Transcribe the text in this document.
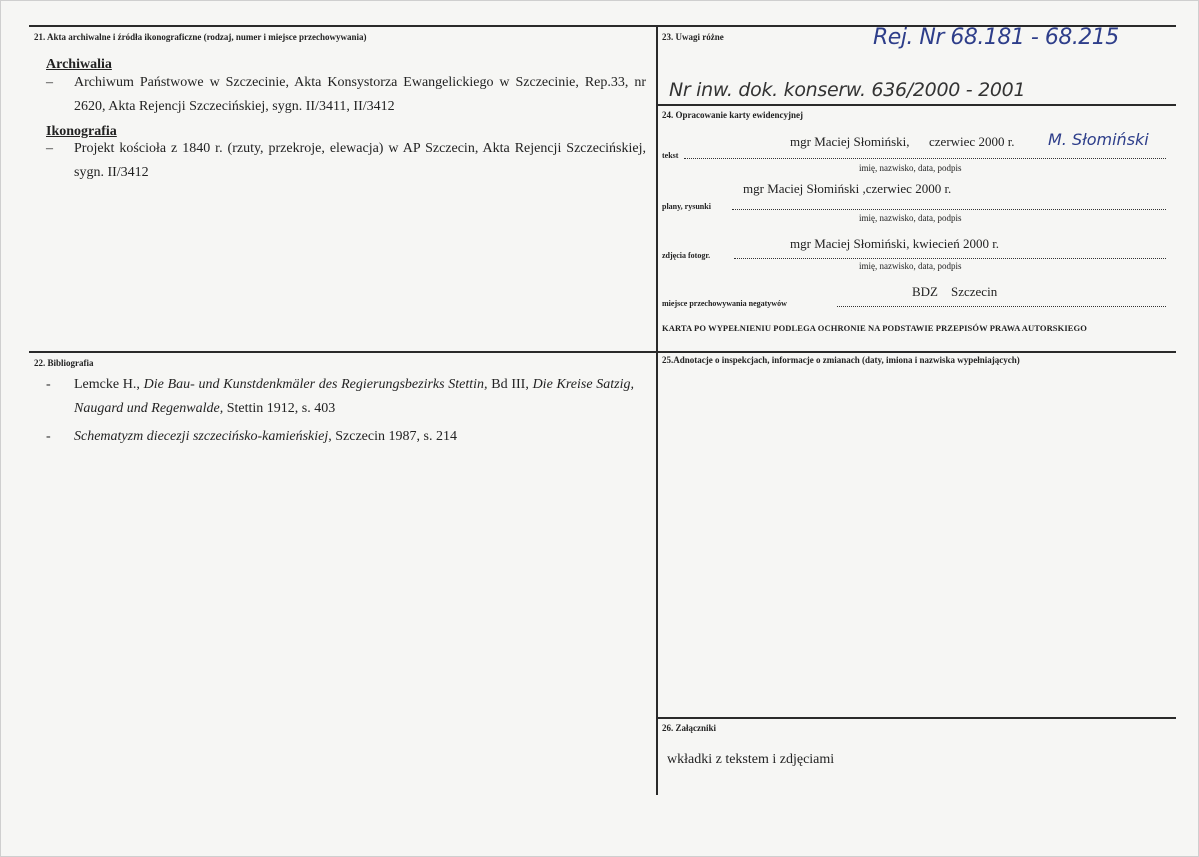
21. Akta archiwalne i źródła ikonograficzne (rodzaj, numer i miejsce przechowywania)
Archiwalia
–	Archiwum Państwowe w Szczecinie, Akta Konsystorza Ewangelickiego w Szczecinie, Rep.33, nr 2620, Akta Rejencji Szczecińskiej, sygn. II/3411, II/3412
Ikonografia
–	Projekt kościoła z 1840 r. (rzuty, przekroje, elewacja) w AP Szczecin, Akta Rejencji Szczecińskiej, sygn. II/3412
22. Bibliografia
-	Lemcke H., Die Bau- und Kunstdenkmäler des Regierungsbezirks Stettin, Bd III, Die Kreise Satzig, Naugard und Regenwalde, Stettin 1912, s. 403
-	Schematyzm diecezji szczecińsko-kamieńskiej, Szczecin 1987, s. 214
23. Uwagi różne	Rej. Nr 68.181 - 68.215
Nr inw. dok. konserw. 636/2000 - 2001
24. Opracowanie karty ewidencyjnej
mgr Maciej Słomiński,      czerwiec 2000 r. M. Słomiński
tekst
imię, nazwisko, data, podpis
mgr Maciej Słomiński ,czerwiec 2000 r.
plany, rysunki
imię, nazwisko, data, podpis
mgr Maciej Słomiński, kwiecień 2000 r.
zdjęcia fotogr.
imię, nazwisko, data, podpis
BDZ    Szczecin
miejsce przechowywania negatywów
KARTA PO WYPEŁNIENIU PODLEGA OCHRONIE NA PODSTAWIE PRZEPISÓW PRAWA AUTORSKIEGO
25.Adnotacje o inspekcjach, informacje o zmianach (daty, imiona i nazwiska wypełniających)
26. Załączniki
wkładki z tekstem i zdjęciami
